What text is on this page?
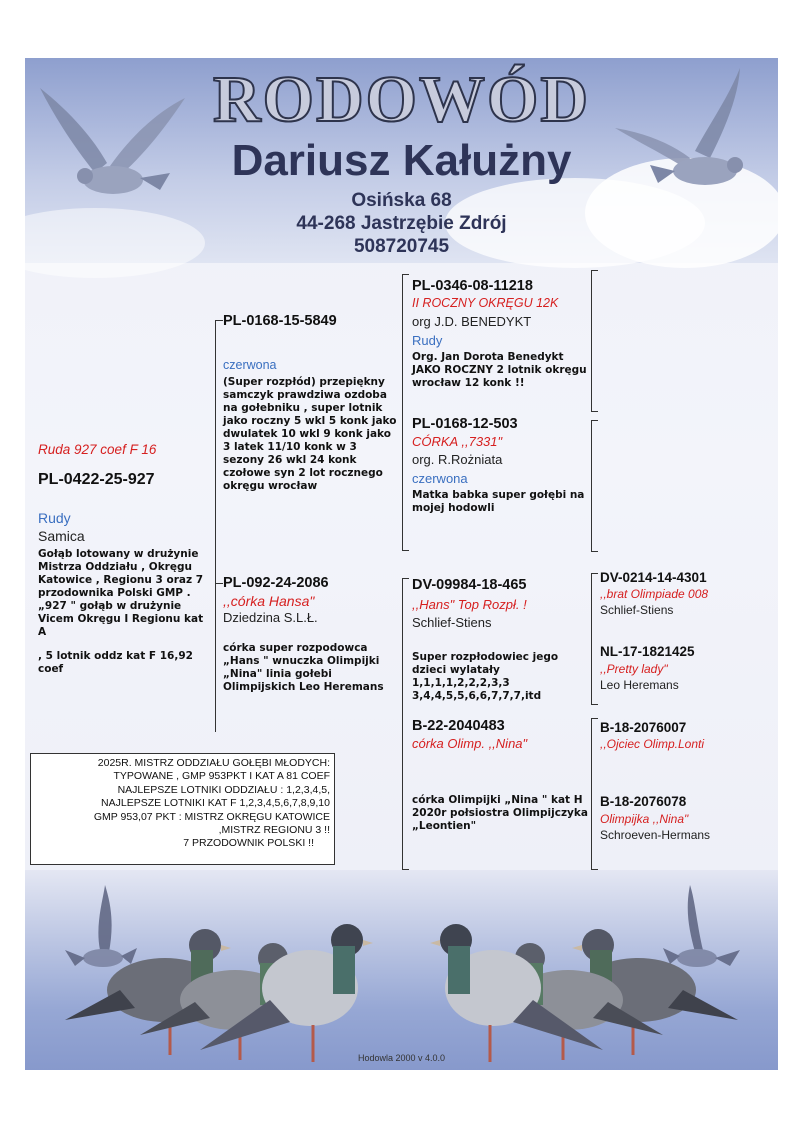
RODOWÓD
Dariusz Kałużny
Osińska 68
44-268 Jastrzębie Zdrój
508720745
Ruda 927 coef F 16
PL-0422-25-927
Rudy
Samica
Gołąb lotowany w drużynie Mistrza Oddziału , Okręgu Katowice , Regionu 3 oraz 7 przodownika Polski GMP . „927 " gołąb w drużynie Vicem Okręgu I Regionu kat A
, 5 lotnik oddz kat F 16,92 coef
PL-0168-15-5849
czerwona
(Super rozpłód) przepiękny samczyk prawdziwa ozdoba na gołebniku , super lotnik jako roczny 5 wkl 5 konk jako dwulatek 10 wkl 9 konk jako 3 latek 11/10 konk w 3 sezony 26 wkl 24 konk czołowe syn 2 lot rocznego okręgu wrocław
PL-092-24-2086
,,córka Hansa"
Dziedzina S.L.Ł.
córka super rozpodowca „Hans " wnuczka Olimpijki „Nina" linia gołebi Olimpijskich Leo Heremans
PL-0346-08-11218
II ROCZNY OKRĘGU 12K
org J.D. BENEDYKT
Rudy
Org. Jan Dorota Benedykt JAKO ROCZNY 2 lotnik okręgu wrocław 12 konk !!
PL-0168-12-503
CÓRKA ,,7331"
org. R.Rożniata
czerwona
Matka babka super gołębi na mojej hodowli
DV-09984-18-465
,,Hans" Top Rozpł. !
Schlief-Stiens
Super rozpłodowiec jego dzieci wylatały 1,1,1,1,2,2,2,3,3 3,4,4,5,5,6,6,7,7,7,itd
B-22-2040483
córka Olimp. ,,Nina"
córka Olimpijki „Nina " kat H 2020r połsiostra Olimpijczyka „Leontien"
DV-0214-14-4301
,,brat Olimpiade 008
Schlief-Stiens
NL-17-1821425
,,Pretty lady"
Leo Heremans
B-18-2076007
,,Ojciec Olimp.Lonti
B-18-2076078
Olimpijka ,,Nina"
Schroeven-Hermans
2025R. MISTRZ ODDZIAŁU GOŁĘBI MŁODYCH:
TYPOWANE , GMP 953PKT I KAT A 81 COEF
NAJLEPSZE LOTNIKI ODDZIAŁU : 1,2,3,4,5,
NAJLEPSZE LOTNIKI KAT F 1,2,3,4,5,6,7,8,9,10
GMP 953,07 PKT : MISTRZ OKRĘGU KATOWICE
,MISTRZ REGIONU 3 !!
7 PRZODOWNIK POLSKI !!
Hodowla 2000 v 4.0.0
